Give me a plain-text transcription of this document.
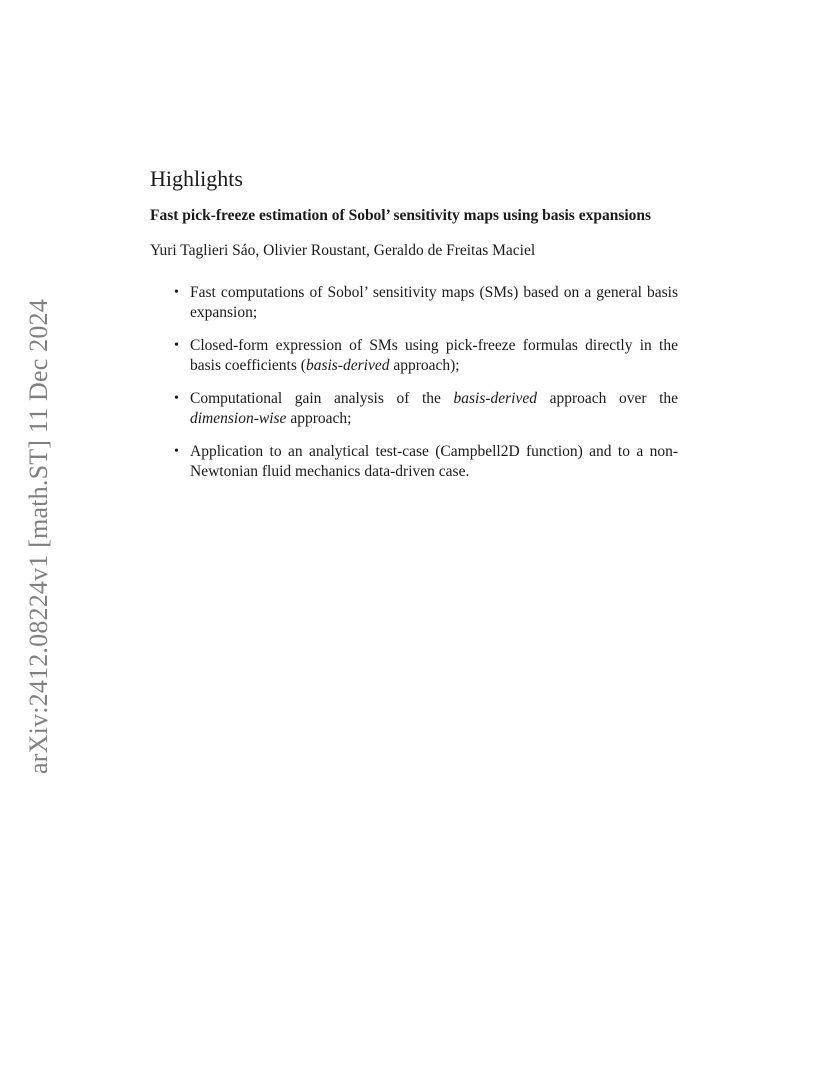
arXiv:2412.08224v1 [math.ST] 11 Dec 2024
Highlights
Fast pick-freeze estimation of Sobol’ sensitivity maps using basis expansions
Yuri Taglieri Sáo, Olivier Roustant, Geraldo de Freitas Maciel
• Fast computations of Sobol’ sensitivity maps (SMs) based on a general basis expansion;
• Closed-form expression of SMs using pick-freeze formulas directly in the basis coefficients (basis-derived approach);
• Computational gain analysis of the basis-derived approach over the dimension-wise approach;
• Application to an analytical test-case (Campbell2D function) and to a non-Newtonian fluid mechanics data-driven case.
